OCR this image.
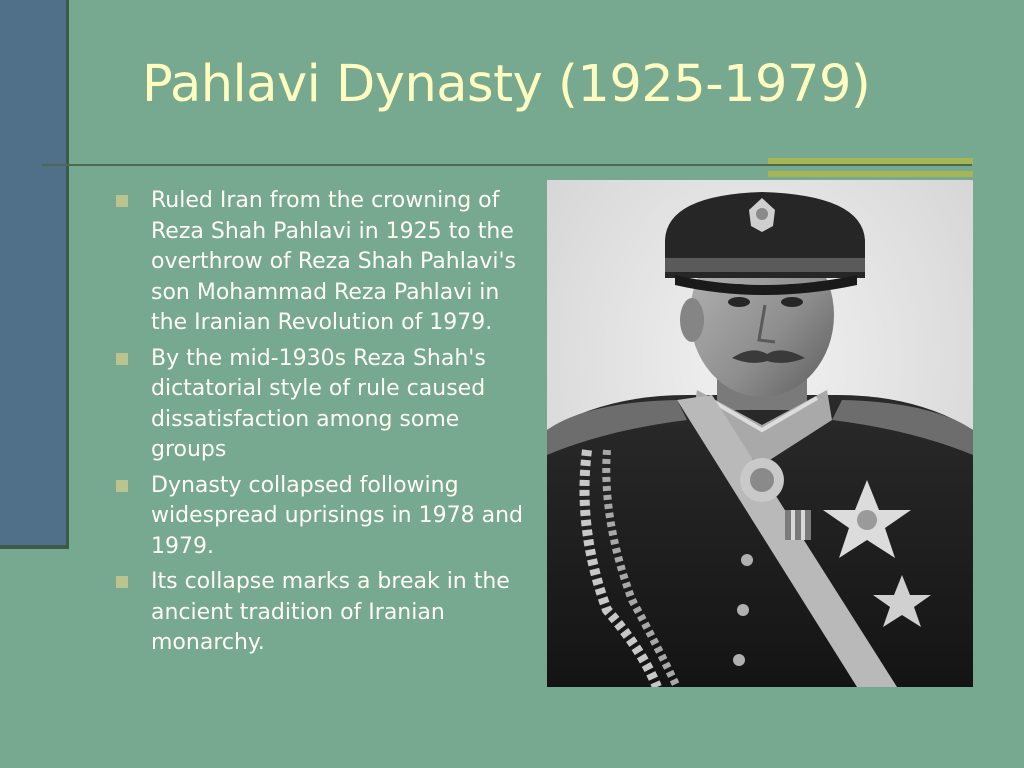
Pahlavi Dynasty (1925-1979)
Ruled Iran from the crowning of Reza Shah Pahlavi in 1925 to the overthrow of Reza Shah Pahlavi's son Mohammad Reza Pahlavi in the Iranian Revolution of 1979.
By the mid-1930s Reza Shah's dictatorial style of rule caused dissatisfaction among some groups
Dynasty collapsed following widespread uprisings in 1978 and 1979.
Its collapse marks a break in the ancient tradition of Iranian monarchy.
